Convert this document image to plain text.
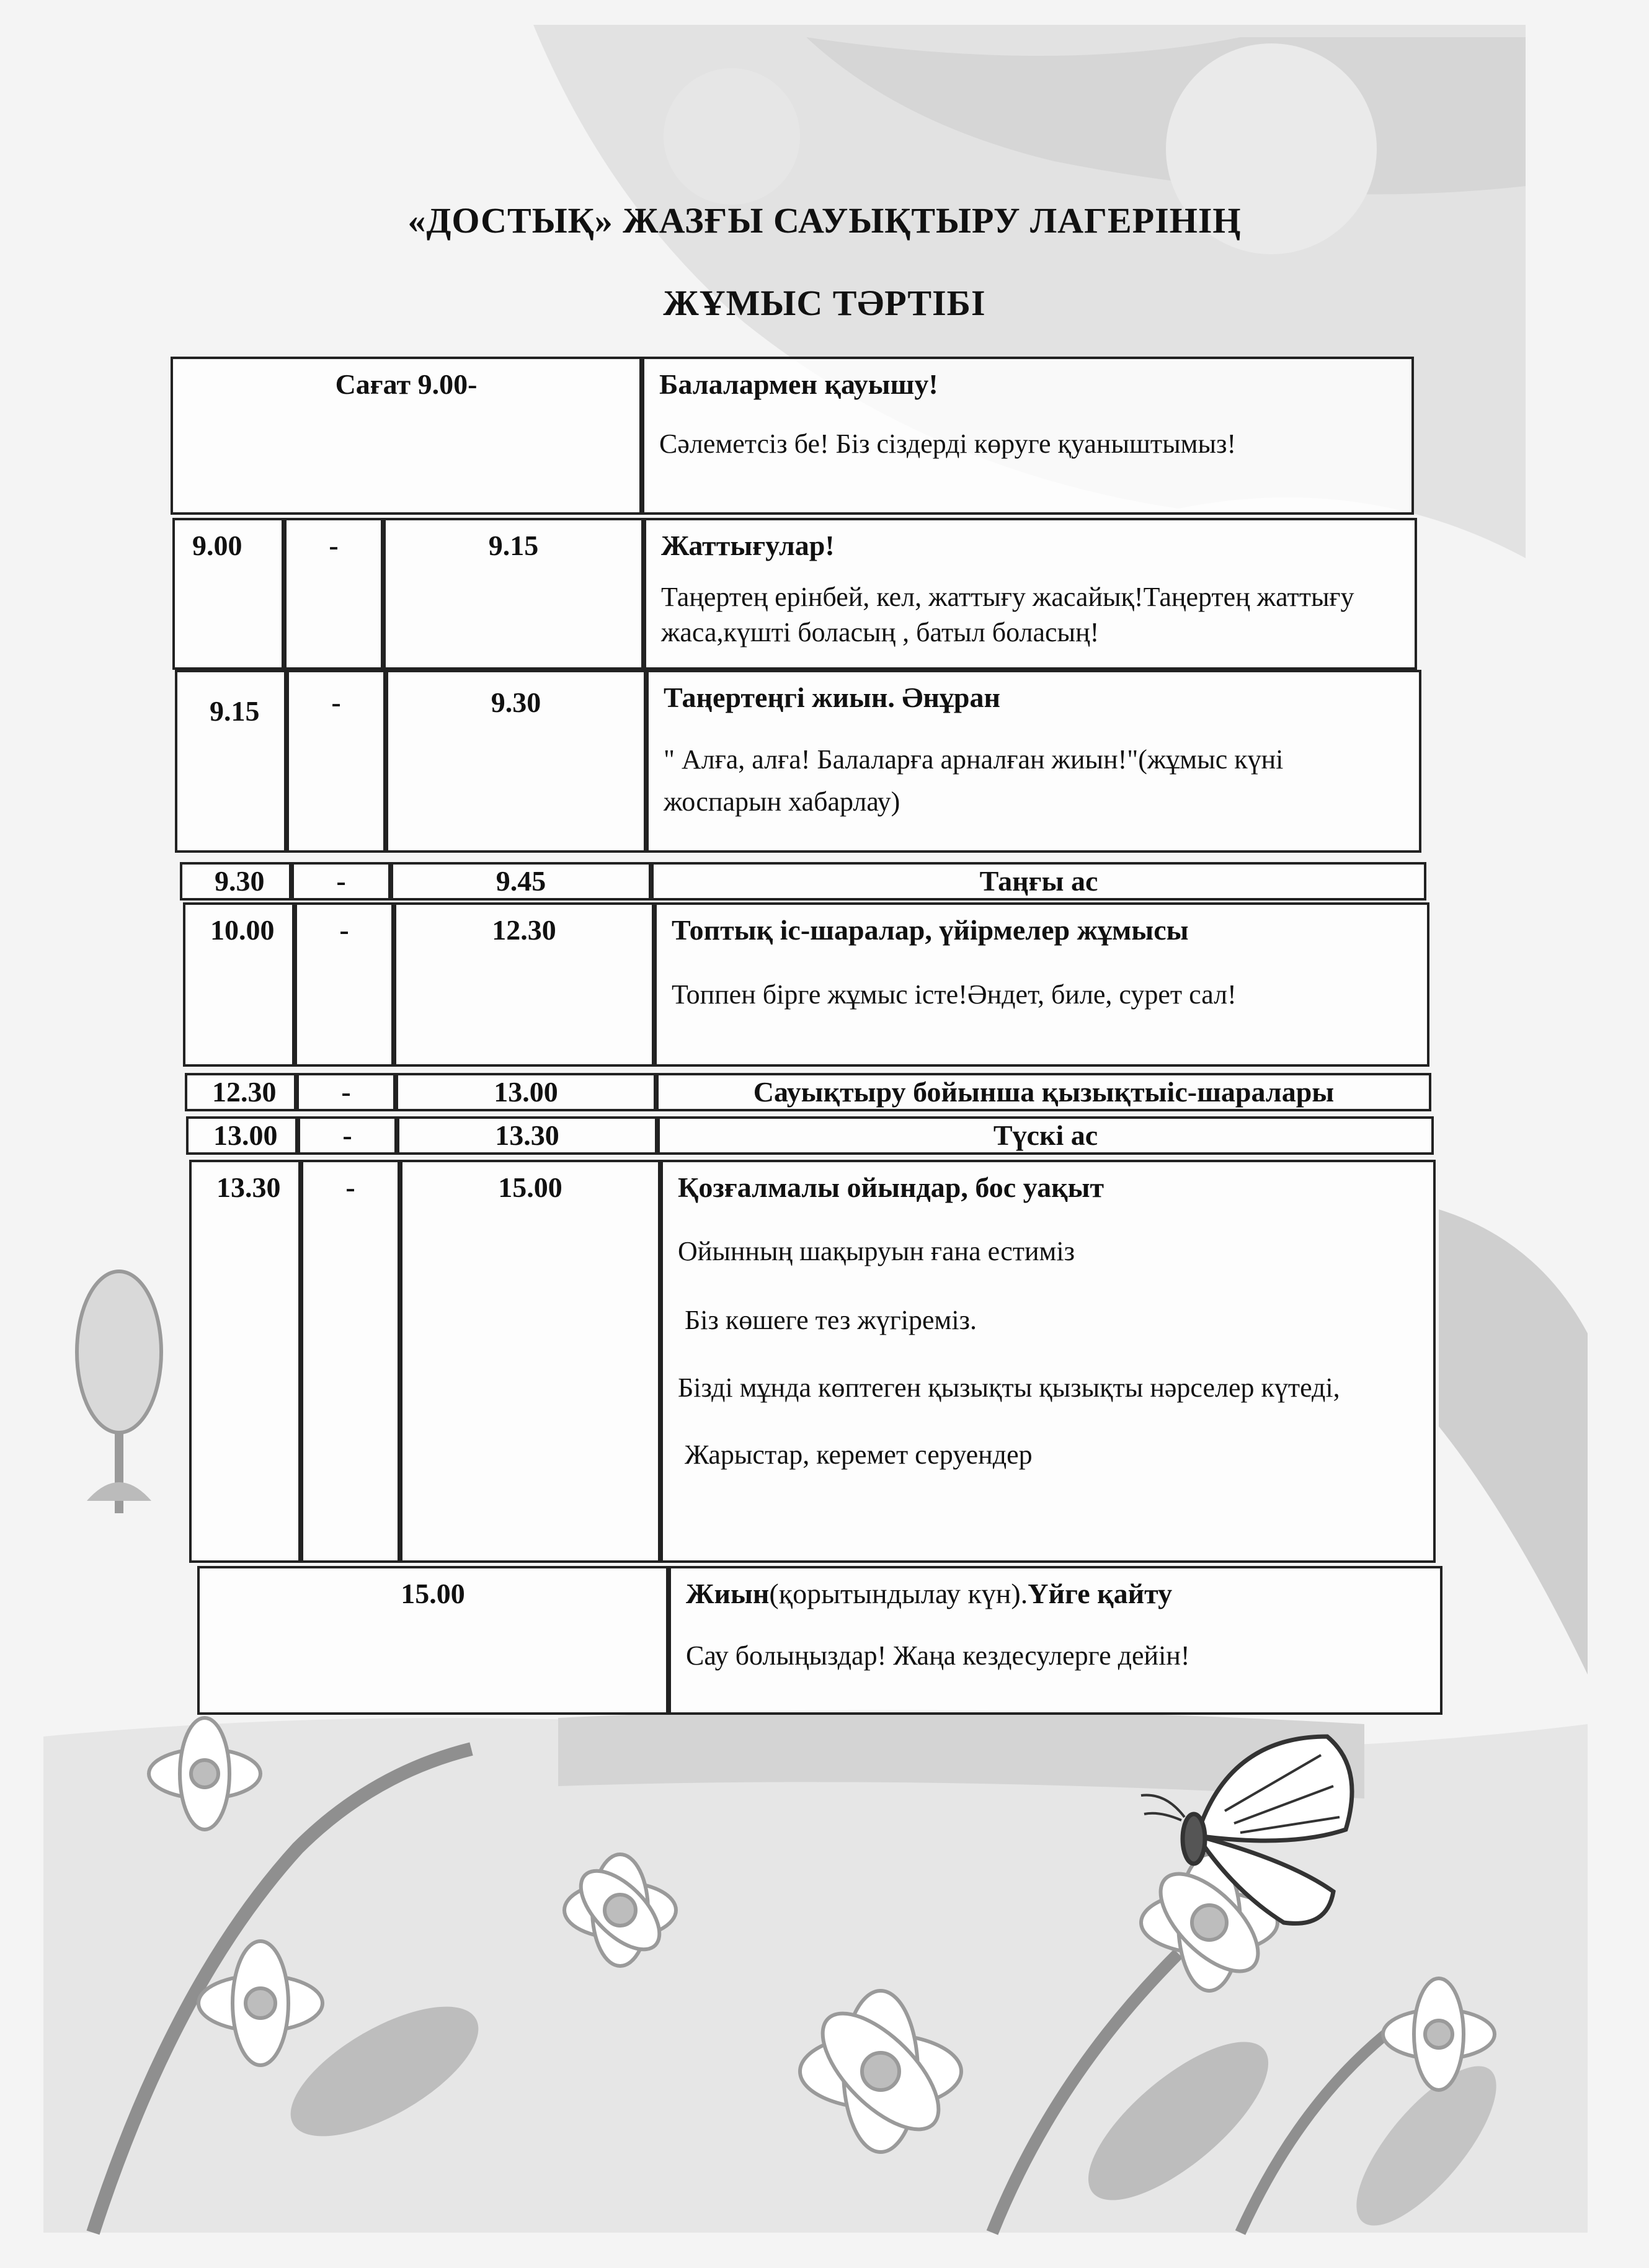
«ДОСТЫҚ» ЖАЗҒЫ САУЫҚТЫРУ ЛАГЕРІНІҢ
ЖҰМЫС ТӘРТІБІ
Сағат 9.00-	Балалармен қауышу!

Сәлеметсіз бе! Біз сіздерді көруге қуаныштымыз!

9.00	-	9.15	Жаттығулар!

Таңертең ерінбей, кел, жаттығу жасайық!Таңертең жаттығу жаса,күшті боласың , батыл боласың!

9.15	-	9.30	Таңертеңгі жиын. Әнұран

" Алға, алға! Балаларға арналған жиын!"(жұмыс күні жоспарын хабарлау)

9.30	-	9.45	Таңғы ас
10.00	-	12.30	Топтық іс-шаралар, үйірмелер жұмысы

Топпен бірге жұмыс істе!Әндет, биле, сурет сал!

12.30	-	13.00	Сауықтыру бойынша қызықтыіс-шаралары
13.00	-	13.30	Түскі ас
13.30	-	15.00	Қозғалмалы ойындар, бос уақыт

Ойынның шақыруын ғана естиміз

Біз көшеге тез жүгіреміз.

Бізді мұнда көптеген қызықты қызықты нәрселер күтеді,

Жарыстар, керемет серуендер

15.00	Жиын(қорытындылау күн).Үйге қайту

Сау болыңыздар! Жаңа кездесулерге дейін!
